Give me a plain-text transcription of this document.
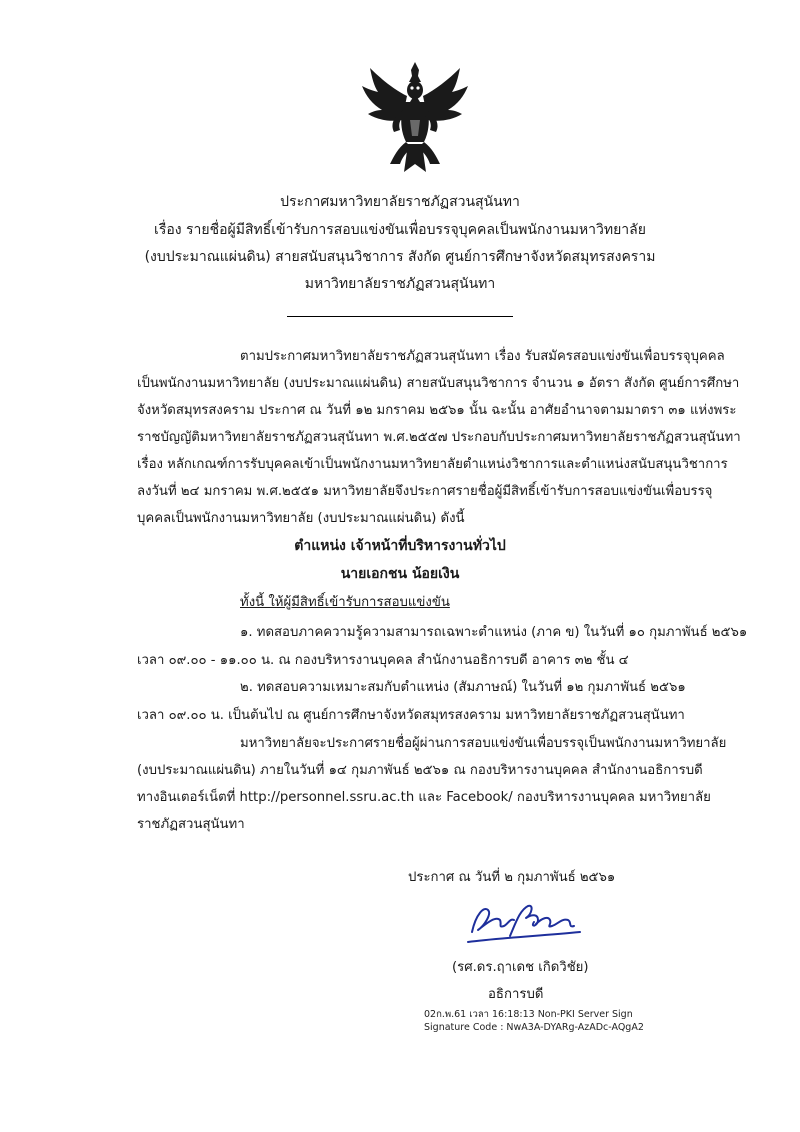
ประกาศมหาวิทยาลัยราชภัฏสวนสุนันทา
เรื่อง รายชื่อผู้มีสิทธิ์เข้ารับการสอบแข่งขันเพื่อบรรจุบุคคลเป็นพนักงานมหาวิทยาลัย
(งบประมาณแผ่นดิน) สายสนับสนุนวิชาการ สังกัด ศูนย์การศึกษาจังหวัดสมุทรสงคราม
มหาวิทยาลัยราชภัฏสวนสุนันทา
ตามประกาศมหาวิทยาลัยราชภัฏสวนสุนันทา เรื่อง รับสมัครสอบแข่งขันเพื่อบรรจุบุคคล
เป็นพนักงานมหาวิทยาลัย (งบประมาณแผ่นดิน) สายสนับสนุนวิชาการ จำนวน ๑ อัตรา สังกัด ศูนย์การศึกษา
จังหวัดสมุทรสงคราม ประกาศ ณ วันที่ ๑๒ มกราคม ๒๕๖๑ นั้น ฉะนั้น อาศัยอำนาจตามมาตรา ๓๑ แห่งพระ
ราชบัญญัติมหาวิทยาลัยราชภัฏสวนสุนันทา พ.ศ.๒๕๕๗ ประกอบกับประกาศมหาวิทยาลัยราชภัฏสวนสุนันทา
เรื่อง หลักเกณฑ์การรับบุคคลเข้าเป็นพนักงานมหาวิทยาลัยตำแหน่งวิชาการและตำแหน่งสนับสนุนวิชาการ
ลงวันที่ ๒๔ มกราคม พ.ศ.๒๕๕๑ มหาวิทยาลัยจึงประกาศรายชื่อผู้มีสิทธิ์เข้ารับการสอบแข่งขันเพื่อบรรจุ
บุคคลเป็นพนักงานมหาวิทยาลัย (งบประมาณแผ่นดิน) ดังนี้
ตำแหน่ง เจ้าหน้าที่บริหารงานทั่วไป
นายเอกชน น้อยเงิน
ทั้งนี้ ให้ผู้มีสิทธิ์เข้ารับการสอบแข่งขัน
๑. ทดสอบภาคความรู้ความสามารถเฉพาะตำแหน่ง (ภาค ข) ในวันที่ ๑๐ กุมภาพันธ์ ๒๕๖๑
เวลา ๐๙.๐๐ - ๑๑.๐๐ น. ณ กองบริหารงานบุคคล สำนักงานอธิการบดี อาคาร ๓๒ ชั้น ๔
๒. ทดสอบความเหมาะสมกับตำแหน่ง (สัมภาษณ์) ในวันที่ ๑๒ กุมภาพันธ์ ๒๕๖๑
เวลา ๐๙.๐๐ น. เป็นต้นไป ณ ศูนย์การศึกษาจังหวัดสมุทรสงคราม มหาวิทยาลัยราชภัฏสวนสุนันทา
มหาวิทยาลัยจะประกาศรายชื่อผู้ผ่านการสอบแข่งขันเพื่อบรรจุเป็นพนักงานมหาวิทยาลัย
(งบประมาณแผ่นดิน) ภายในวันที่ ๑๔ กุมภาพันธ์ ๒๕๖๑ ณ กองบริหารงานบุคคล สำนักงานอธิการบดี
ทางอินเตอร์เน็ตที่ http://personnel.ssru.ac.th และ Facebook/ กองบริหารงานบุคคล มหาวิทยาลัย
ราชภัฏสวนสุนันทา
ประกาศ ณ วันที่ ๒ กุมภาพันธ์ ๒๕๖๑
(รศ.ดร.ฤาเดช เกิดวิชัย)
อธิการบดี
02ก.พ.61 เวลา 16:18:13 Non-PKI Server Sign
Signature Code : NwA3A-DYARg-AzADc-AQgA2
